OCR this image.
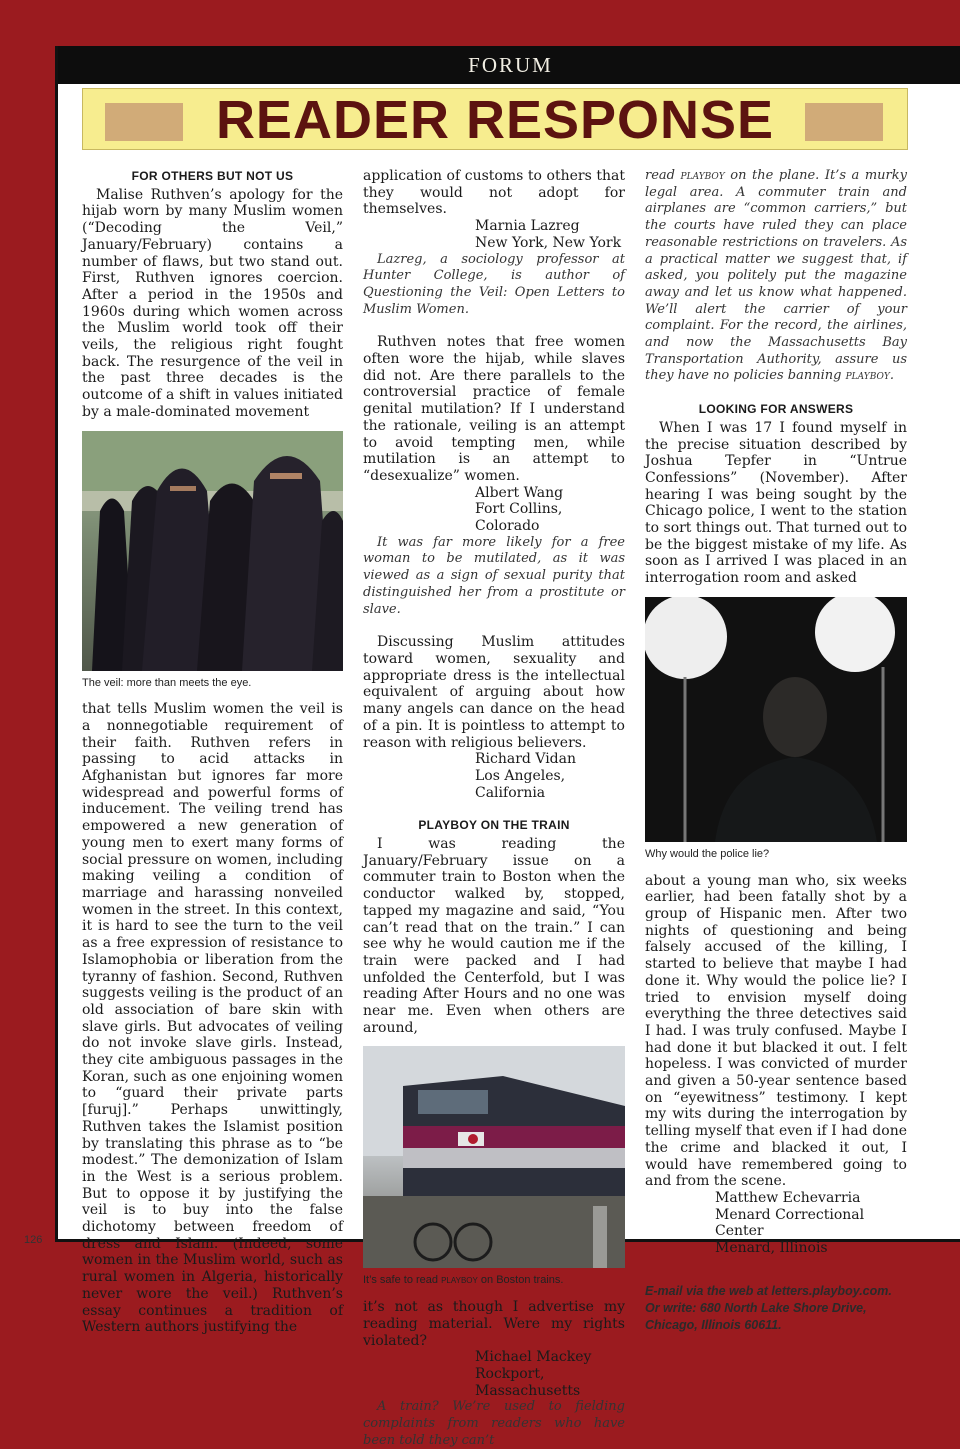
FORUM
READER RESPONSE
FOR OTHERS BUT NOT US

Malise Ruthven’s apology for the hijab worn by many Muslim women (“Decoding the Veil,” January/February) contains a number of flaws, but two stand out. First, Ruthven ignores coercion. After a period in the 1950s and 1960s during which women across the Muslim world took off their veils, the religious right fought back. The resurgence of the veil in the past three decades is the outcome of a shift in values initiated by a male-dominated movement

The veil: more than meets the eye.

that tells Muslim women the veil is a nonnegotiable requirement of their faith. Ruthven refers in passing to acid attacks in Afghanistan but ignores far more widespread and powerful forms of inducement. The veiling trend has empowered a new generation of young men to exert many forms of social pressure on women, including making veiling a condition of marriage and harassing nonveiled women in the street. In this context, it is hard to see the turn to the veil as a free expression of resistance to Islamophobia or liberation from the tyranny of fashion. Second, Ruthven suggests veiling is the product of an old association of bare skin with slave girls. But advocates of veiling do not invoke slave girls. Instead, they cite ambiguous passages in the Koran, such as one enjoining women to “guard their private parts [furuj].” Perhaps unwittingly, Ruthven takes the Islamist position by translating this phrase as to “be modest.” The demonization of Islam in the West is a serious problem. But to oppose it by justifying the veil is to buy into the false dichotomy between freedom of dress and Islam. (Indeed, some women in the Muslim world, such as rural women in Algeria, historically never wore the veil.) Ruthven’s essay continues a tradition of Western authors justifying the

application of customs to others that they would not adopt for themselves.

Marnia Lazreg
New York, New York

Lazreg, a sociology professor at Hunter College, is author of Questioning the Veil: Open Letters to Muslim Women.

Ruthven notes that free women often wore the hijab, while slaves did not. Are there parallels to the controversial practice of female genital mutilation? If I understand the rationale, veiling is an attempt to avoid tempting men, while mutilation is an attempt to “desexualize” women.

Albert Wang
Fort Collins, Colorado

It was far more likely for a free woman to be mutilated, as it was viewed as a sign of sexual purity that distinguished her from a prostitute or slave.

Discussing Muslim attitudes toward women, sexuality and appropriate dress is the intellectual equivalent of arguing about how many angels can dance on the head of a pin. It is pointless to attempt to reason with religious believers.

Richard Vidan
Los Angeles, California
PLAYBOY ON THE TRAIN

I was reading the January/February issue on a commuter train to Boston when the conductor walked by, stopped, tapped my magazine and said, “You can’t read that on the train.” I can see why he would caution me if the train were packed and I had unfolded the Centerfold, but I was reading After Hours and no one was near me. Even when others are around,

It’s safe to read playboy on Boston trains.

it’s not as though I advertise my reading material. Were my rights violated?

Michael Mackey
Rockport, Massachusetts

A train? We’re used to fielding complaints from readers who have been told they can’t

read playboy on the plane. It’s a murky legal area. A commuter train and airplanes are “common carriers,” but the courts have ruled they can place reasonable restrictions on travelers. As a practical matter we suggest that, if asked, you politely put the magazine away and let us know what happened. We’ll alert the carrier of your complaint. For the record, the airlines, and now the Massachusetts Bay Transportation Authority, assure us they have no policies banning playboy.

LOOKING FOR ANSWERS

When I was 17 I found myself in the precise situation described by Joshua Tepfer in “Untrue Confessions” (November). After hearing I was being sought by the Chicago police, I went to the station to sort things out. That turned out to be the biggest mistake of my life. As soon as I arrived I was placed in an interrogation room and asked

Why would the police lie?

about a young man who, six weeks earlier, had been fatally shot by a group of Hispanic men. After two nights of questioning and being falsely accused of the killing, I started to believe that maybe I had done it. Why would the police lie? I tried to envision myself doing everything the three detectives said I had. I was truly confused. Maybe I had done it but blacked it out. I felt hopeless. I was convicted of murder and given a 50-year sentence based on “eyewitness” testimony. I kept my wits during the interrogation by telling myself that even if I had done the crime and blacked it out, I would have remembered going to and from the scene.

Matthew Echevarria
Menard Correctional Center
Menard, Illinois
E-mail via the web at letters.playboy.com.
Or write: 680 North Lake Shore Drive,
Chicago, Illinois 60611.
126
